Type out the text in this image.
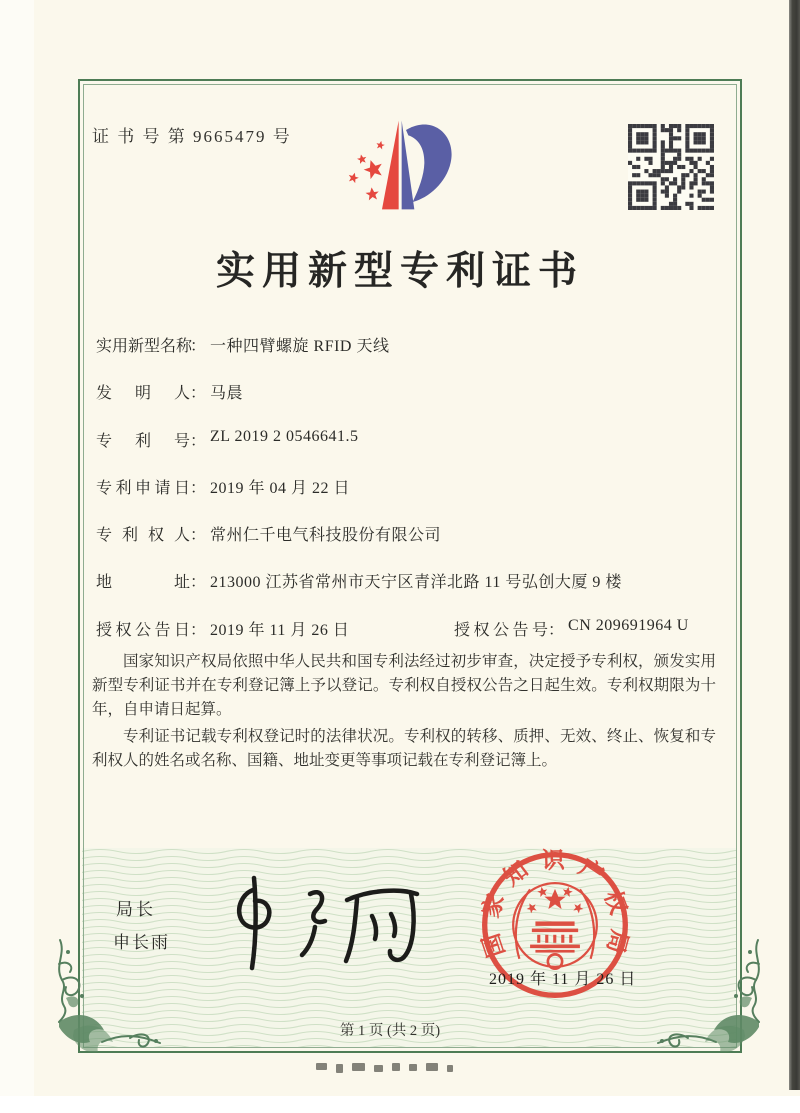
证 书 号 第 9665479 号
实用新型专利证书
实用新型名称
： 一种四臂螺旋 RFID 天线
发明人 ： 马晨
专利号 ： ZL 2019 2 0546641.5
专利申请日 ： 2019 年 04 月 22 日
专利权人 ： 常州仁千电气科技股份有限公司
地址 ： 213000 江苏省常州市天宁区青洋北路 11 号弘创大厦 9 楼
授权公告日 ： 2019 年 11 月 26 日	授权公告号 ： CN 209691964 U

国家知识产权局依照中华人民共和国专利法经过初步审查，决定授予专利权，颁发实用新型专利证书并在专利登记簿上予以登记。专利权自授权公告之日起生效。专利权期限为十年，自申请日起算。

专利证书记载专利权登记时的法律状况。专利权的转移、质押、无效、终止、恢复和专利权人的姓名或名称、国籍、地址变更等事项记载在专利登记簿上。

局长
申长雨	国家知识产权局
2019 年 11 月 26 日
第 1 页 (共 2 页)
